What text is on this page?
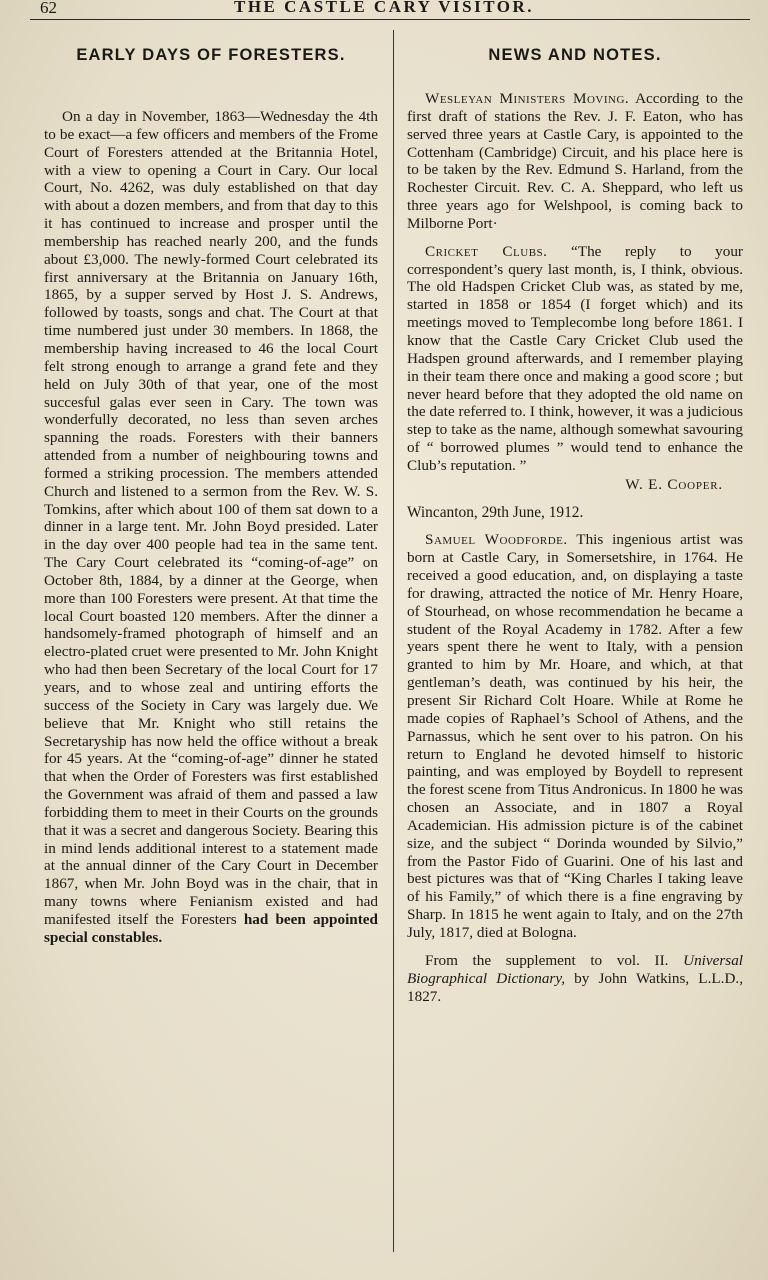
62	THE CASTLE CARY VISITOR.
EARLY DAYS OF FORESTERS.

On a day in November, 1863—Wednesday the 4th to be exact—a few officers and members of the Frome Court of Foresters attended at the Britannia Hotel, with a view to opening a Court in Cary. Our local Court, No. 4262, was duly established on that day with about a dozen members, and from that day to this it has continued to increase and prosper until the membership has reached nearly 200, and the funds about £3,000. The newly-formed Court celebrated its first anniversary at the Britannia on January 16th, 1865, by a supper served by Host J. S. Andrews, followed by toasts, songs and chat. The Court at that time numbered just under 30 members. In 1868, the membership having increased to 46 the local Court felt strong enough to arrange a grand fete and they held on July 30th of that year, one of the most succesful galas ever seen in Cary. The town was wonderfully decorated, no less than seven arches spanning the roads. Foresters with their banners attended from a number of neighbouring towns and formed a striking procession. The members attended Church and listened to a sermon from the Rev. W. S. Tomkins, after which about 100 of them sat down to a dinner in a large tent. Mr. John Boyd presided. Later in the day over 400 people had tea in the same tent. The Cary Court celebrated its “coming-of-age” on October 8th, 1884, by a dinner at the George, when more than 100 Foresters were present. At that time the local Court boasted 120 members. After the dinner a handsomely-framed photograph of himself and an electro-plated cruet were presented to Mr. John Knight who had then been Secretary of the local Court for 17 years, and to whose zeal and untiring efforts the success of the Society in Cary was largely due. We believe that Mr. Knight who still retains the Secretaryship has now held the office without a break for 45 years. At the “coming-of-age” dinner he stated that when the Order of Foresters was first established the Government was afraid of them and passed a law forbidding them to meet in their Courts on the grounds that it was a secret and dangerous Society. Bearing this in mind lends additional interest to a statement made at the annual dinner of the Cary Court in December 1867, when Mr. John Boyd was in the chair, that in many towns where Fenianism existed and had manifested itself the Foresters had been appointed special constables.

NEWS AND NOTES.

Wesleyan Ministers Moving. According to the first draft of stations the Rev. J. F. Eaton, who has served three years at Castle Cary, is appointed to the Cottenham (Cambridge) Circuit, and his place here is to be taken by the Rev. Edmund S. Harland, from the Rochester Circuit. Rev. C. A. Sheppard, who left us three years ago for Welshpool, is coming back to Milborne Port·

Cricket Clubs. “The reply to your correspondent’s query last month, is, I think, obvious. The old Hadspen Cricket Club was, as stated by me, started in 1858 or 1854 (I forget which) and its meetings moved to Templecombe long before 1861. I know that the Castle Cary Cricket Club used the Hadspen ground afterwards, and I remember playing in their team there once and making a good score ; but never heard before that they adopted the old name on the date referred to. I think, however, it was a judicious step to take as the name, although somewhat savouring of “ borrowed plumes ” would tend to enhance the Club’s reputation. ”

W. E. Cooper.

Wincanton, 29th June, 1912.

Samuel Woodforde. This ingenious artist was born at Castle Cary, in Somersetshire, in 1764. He received a good education, and, on displaying a taste for drawing, attracted the notice of Mr. Henry Hoare, of Stourhead, on whose recommendation he became a student of the Royal Academy in 1782. After a few years spent there he went to Italy, with a pension granted to him by Mr. Hoare, and which, at that gentleman’s death, was continued by his heir, the present Sir Richard Colt Hoare. While at Rome he made copies of Raphael’s School of Athens, and the Parnassus, which he sent over to his patron. On his return to England he devoted himself to historic painting, and was employed by Boydell to represent the forest scene from Titus Andronicus. In 1800 he was chosen an Associate, and in 1807 a Royal Academician. His admission picture is of the cabinet size, and the subject “ Dorinda wounded by Silvio,” from the Pastor Fido of Guarini. One of his last and best pictures was that of “King Charles I taking leave of his Family,” of which there is a fine engraving by Sharp. In 1815 he went again to Italy, and on the 27th July, 1817, died at Bologna.

From the supplement to vol. II. Universal Biographical Dictionary, by John Watkins, L.L.D., 1827.
